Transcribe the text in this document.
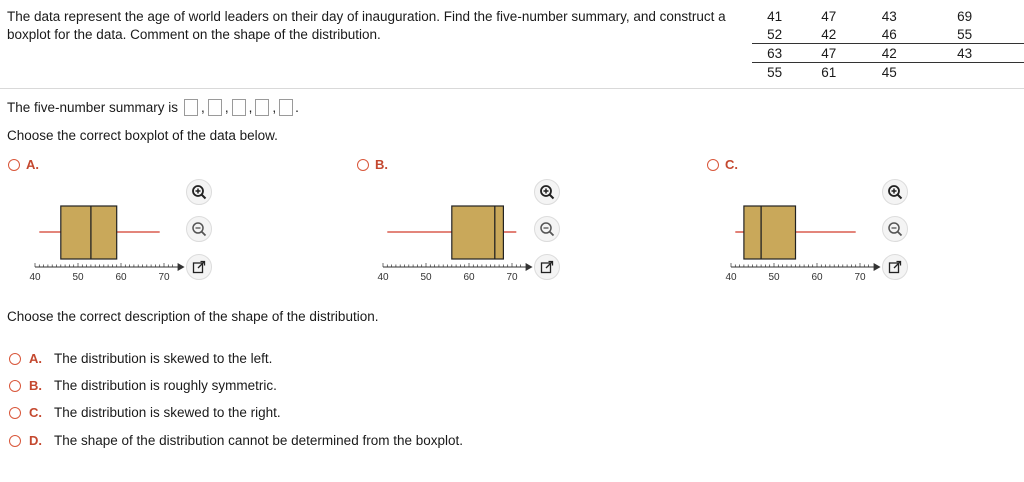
The data represent the age of world leaders on their day of inauguration. Find the five-number summary, and construct a
boxplot for the data. Comment on the shape of the distribution.
41	47	43	69
52	42	46	55
63	47	42	43
55	61	45	
The five-number summary is , , , , .
Choose the correct boxplot of the data below.
A.	B.	C.
40	50	60	70	40	50	60	70	40	50	60	70
Choose the correct description of the shape of the distribution.
A. The distribution is skewed to the left.
B. The distribution is roughly symmetric.
C. The distribution is skewed to the right.
D. The shape of the distribution cannot be determined from the boxplot.
